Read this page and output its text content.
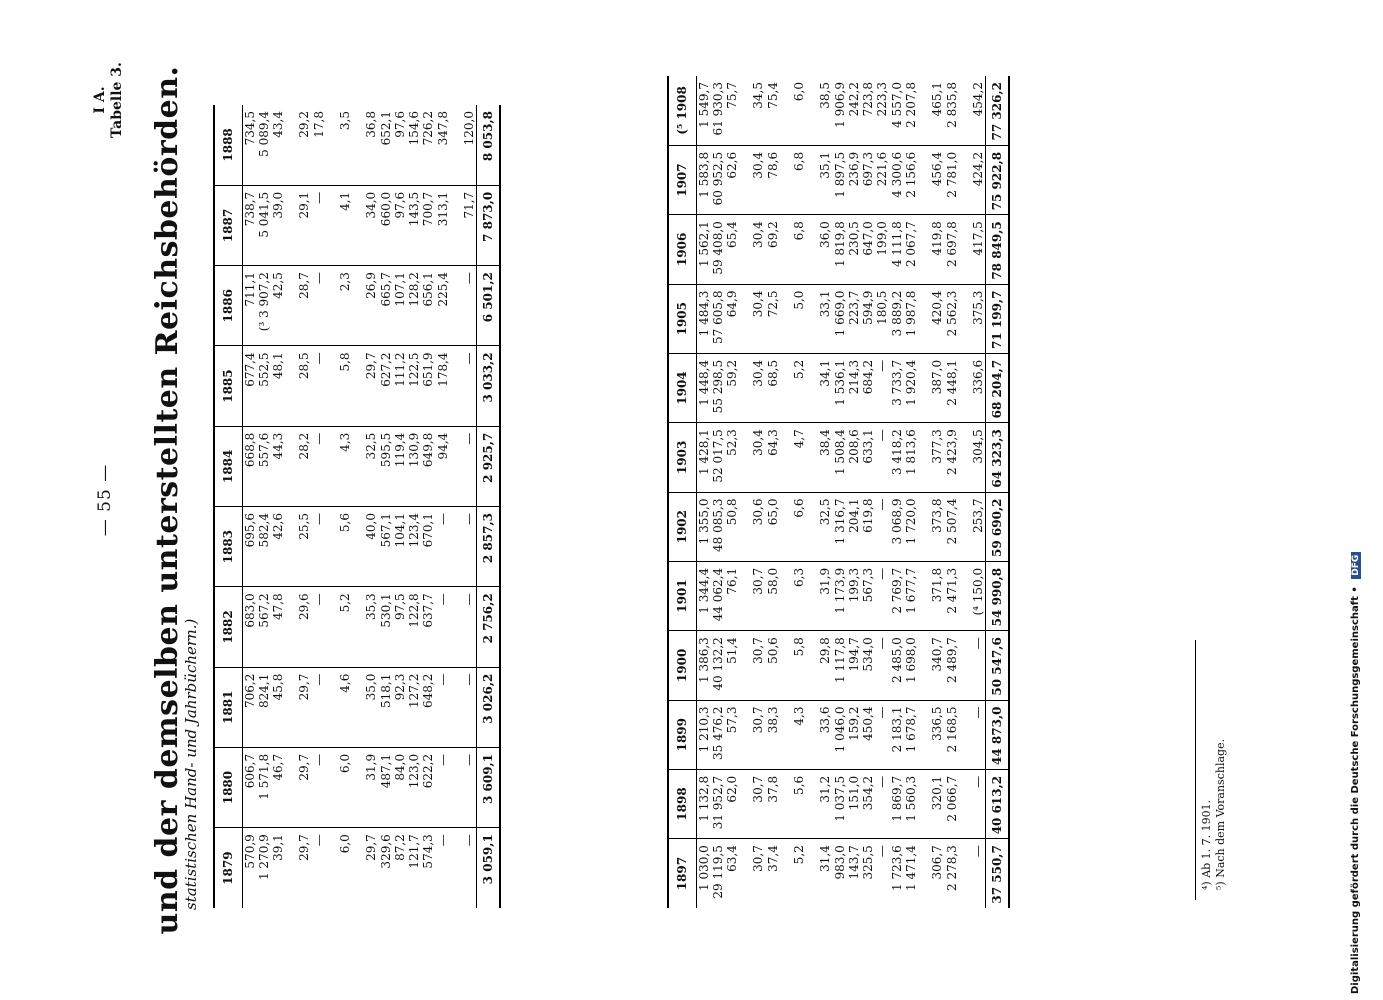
— 55 —
I A. Tabelle 3. und der demselben unterstellten Reichsbehörden.
statistischen Hand- und Jahrbüchern.) 1879	1880	1881	1882	1883	1884	1885	1886	1887	1888
570,9	606,7	706,2	683,0	695,6	668,8	677,4	711,1	738,7	734,5
1 270,9	1 571,8	824,1	567,2	582,4	557,6	552,5	(³ 3 907,2	5 041,5	5 089,4
39,1	46,7	45,8	47,8	42,6	44,3	48,1	42,5	39,0	43,4

29,7	29,7	29,7	29,6	25,5	28,2	28,5	28,7	29,1	29,2
—	—	—	—	—	—	—	—	—	17,8

6,0	6,0	4,6	5,2	5,6	4,3	5,8	2,3	4,1	3,5

29,7	31,9	35,0	35,3	40,0	32,5	29,7	26,9	34,0	36,8
329,6	487,1	518,1	530,1	567,1	595,5	627,2	665,7	660,0	652,1
87,2	84,0	92,3	97,5	104,1	119,4	111,2	107,1	97,6	97,6
121,7	123,0	127,2	122,8	123,4	130,9	122,5	128,2	143,5	154,6
574,3	622,2	648,2	637,7	670,1	649,8	651,9	656,1	700,7	726,2
—	—	—	—	—	94,4	178,4	225,4	313,1	347,8

—	—	—	—	—	—	—	—	71,7	120,0
3 059,1	3 609,1	3 026,2	2 756,2	2 857,3	2 925,7	3 033,2	6 501,2	7 873,0	8 053,8
1897	1898	1899	1900	1901	1902	1903	1904	1905	1906	1907	(⁵ 1908
1 030,0	1 132,8	1 210,3	1 386,3	1 344,4	1 355,0	1 428,1	1 448,4	1 484,3	1 562,1	1 583,8	1 549,7
29 119,5	31 952,7	35 476,2	40 132,2	44 062,4	48 085,3	52 017,5	55 298,5	57 605,8	59 408,0	60 952,5	61 930,3
63,4	62,0	57,3	51,4	76,1	50,8	52,3	59,2	64,9	65,4	62,6	75,7

30,7	30,7	30,7	30,7	30,7	30,6	30,4	30,4	30,4	30,4	30,4	34,5
37,4	37,8	38,3	50,6	58,0	65,0	64,3	68,5	72,5	69,2	78,6	75,4

5,2	5,6	4,3	5,8	6,3	6,6	4,7	5,2	5,0	6,8	6,8	6,0

31,4	31,2	33,6	29,8	31,9	32,5	38,4	34,1	33,1	36,0	35,1	38,5
983,0	1 037,5	1 046,0	1 117,8	1 173,9	1 316,7	1 508,4	1 536,1	1 669,0	1 819,8	1 897,5	1 906,9
143,7	151,0	159,2	194,7	199,3	204,1	208,6	214,3	223,7	230,5	236,9	242,2
325,5	354,2	450,4	534,0	567,3	619,8	633,1	684,2	594,9	647,0	697,3	723,8
—	—	—	—	—	—	—	—	180,5	199,0	221,6	223,3
1 723,6	1 869,7	2 183,1	2 485,0	2 769,7	3 068,9	3 418,2	3 733,7	3 889,2	4 111,8	4 300,6	4 557,0
1 471,4	1 560,3	1 678,7	1 698,0	1 677,7	1 720,0	1 813,6	1 920,4	1 987,8	2 067,7	2 156,6	2 207,8

306,7	320,1	336,5	340,7	371,8	373,8	377,3	387,0	420,4	419,8	456,4	465,1
2 278,3	2 066,7	2 168,5	2 489,7	2 471,3	2 507,4	2 423,9	2 448,1	2 562,3	2 697,8	2 781,0	2 835,8

—	—	—	—	(⁴ 150,0	253,7	304,5	336,6	375,3	417,5	424,2	454,2
37 550,7	40 613,2	44 873,0	50 547,6	54 990,8	59 690,2	64 323,3	68 204,7	71 199,7	78 849,5	75 922,8	77 326,2
⁴) Ab 1. 7. 1901. ⁵) Nach dem Voranschlage.	Digitalisierung gefördert durch die Deutsche Forschungsgemeinschaft • DFG
